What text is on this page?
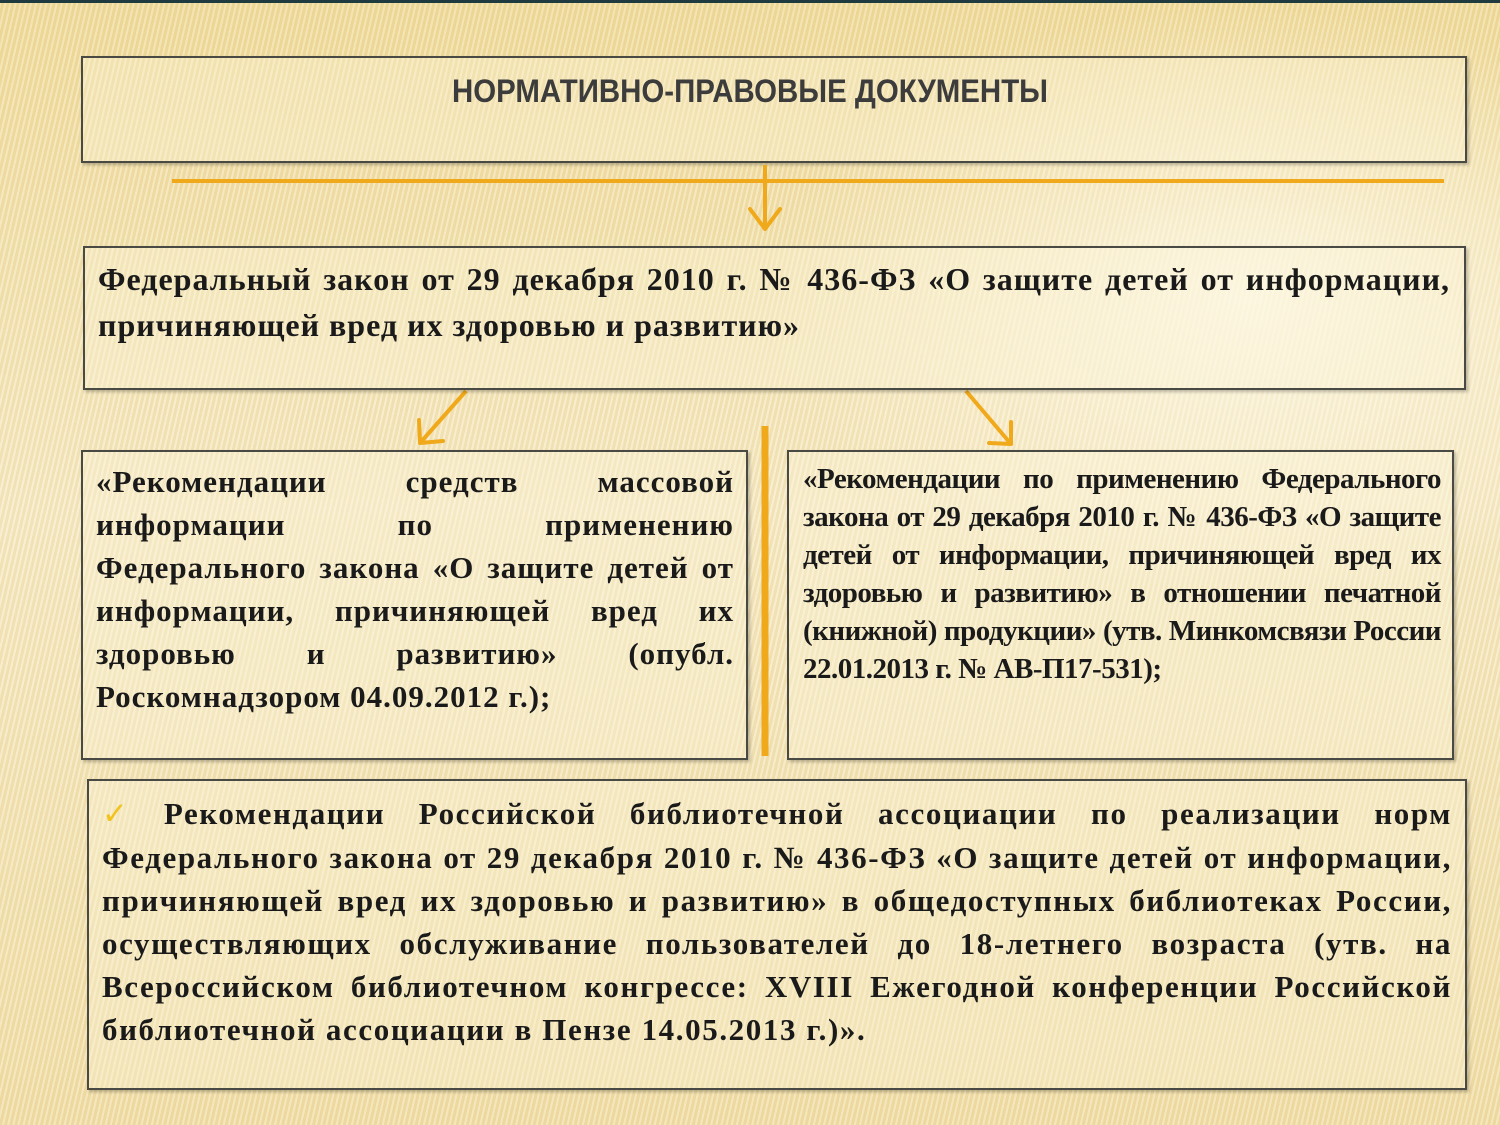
НОРМАТИВНО-ПРАВОВЫЕ ДОКУМЕНТЫ

Федеральный закон от 29 декабря 2010 г. № 436-ФЗ «О защите детей от информации, причиняющей вред их здоровью и развитию»

«Рекомендации средств массовой информации по применению Федерального закона «О защите детей от информации, причиняющей вред их здоровью и развитию» (опубл. Роскомнадзором 04.09.2012 г.);

«Рекомендации по применению Федерального закона от 29 декабря 2010 г. № 436-ФЗ «О защите детей от информации, причиняющей вред их здоровью и развитию» в отношении печатной (книжной) продукции» (утв. Минкомсвязи России 22.01.2013 г. № АВ-П17-531);

✓ Рекомендации Российской библиотечной ассоциации по реализации норм Федерального закона от 29 декабря 2010 г. № 436-ФЗ «О защите детей от информации, причиняющей вред их здоровью и развитию» в общедоступных библиотеках России, осуществляющих обслуживание пользователей до 18-летнего возраста (утв. на Всероссийском библиотечном конгрессе: XVIII Ежегодной конференции Российской библиотечной ассоциации в Пензе 14.05.2013 г.)».
